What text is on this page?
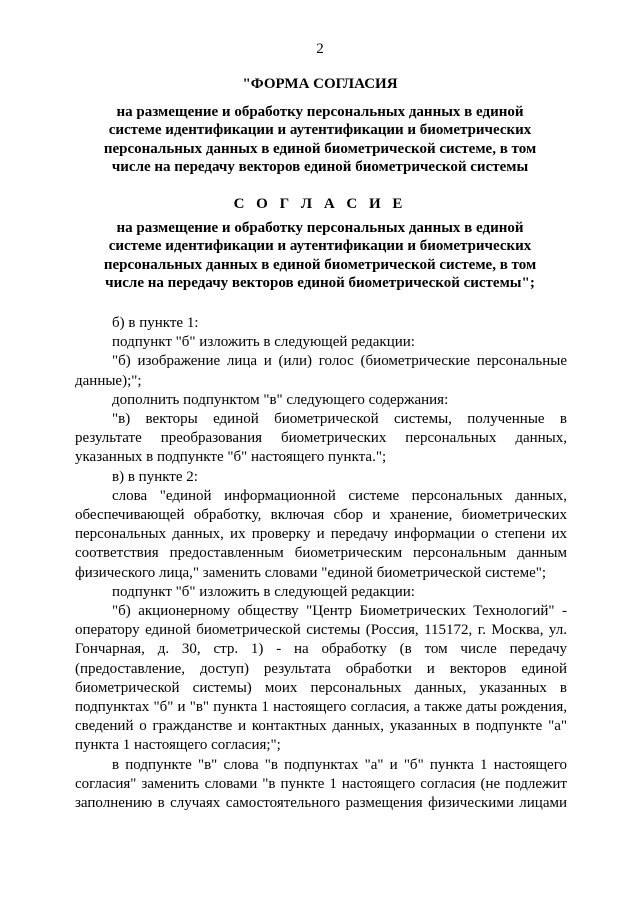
2
"ФОРМА СОГЛАСИЯ
на размещение и обработку персональных данных в единой системе идентификации и аутентификации и биометрических персональных данных в единой биометрической системе, в том числе на передачу векторов единой биометрической системы
С О Г Л А С И Е
на размещение и обработку персональных данных в единой системе идентификации и аутентификации и биометрических персональных данных в единой биометрической системе, в том числе на передачу векторов единой биометрической системы";

б) в пункте 1:

подпункт "б" изложить в следующей редакции:

"б) изображение лица и (или) голос (биометрические персональные данные);";

дополнить подпунктом "в" следующего содержания:

"в) векторы единой биометрической системы, полученные в результате преобразования биометрических персональных данных, указанных в подпункте "б" настоящего пункта.";

в) в пункте 2:

слова "единой информационной системе персональных данных, обеспечивающей обработку, включая сбор и хранение, биометрических персональных данных, их проверку и передачу информации о степени их соответствия предоставленным биометрическим персональным данным физического лица," заменить словами "единой биометрической системе";

подпункт "б" изложить в следующей редакции:

"б) акционерному обществу "Центр Биометрических Технологий" - оператору единой биометрической системы (Россия, 115172, г. Москва, ул. Гончарная, д. 30, стр. 1) - на обработку (в том числе передачу (предоставление, доступ) результата обработки и векторов единой биометрической системы) моих персональных данных, указанных в подпунктах "б" и "в" пункта 1 настоящего согласия, а также даты рождения, сведений о гражданстве и контактных данных, указанных в подпункте "а" пункта 1 настоящего согласия;";

в подпункте "в" слова "в подпунктах "а" и "б" пункта 1 настоящего согласия" заменить словами "в пункте 1 настоящего согласия (не подлежит заполнению в случаях самостоятельного размещения физическими лицами
